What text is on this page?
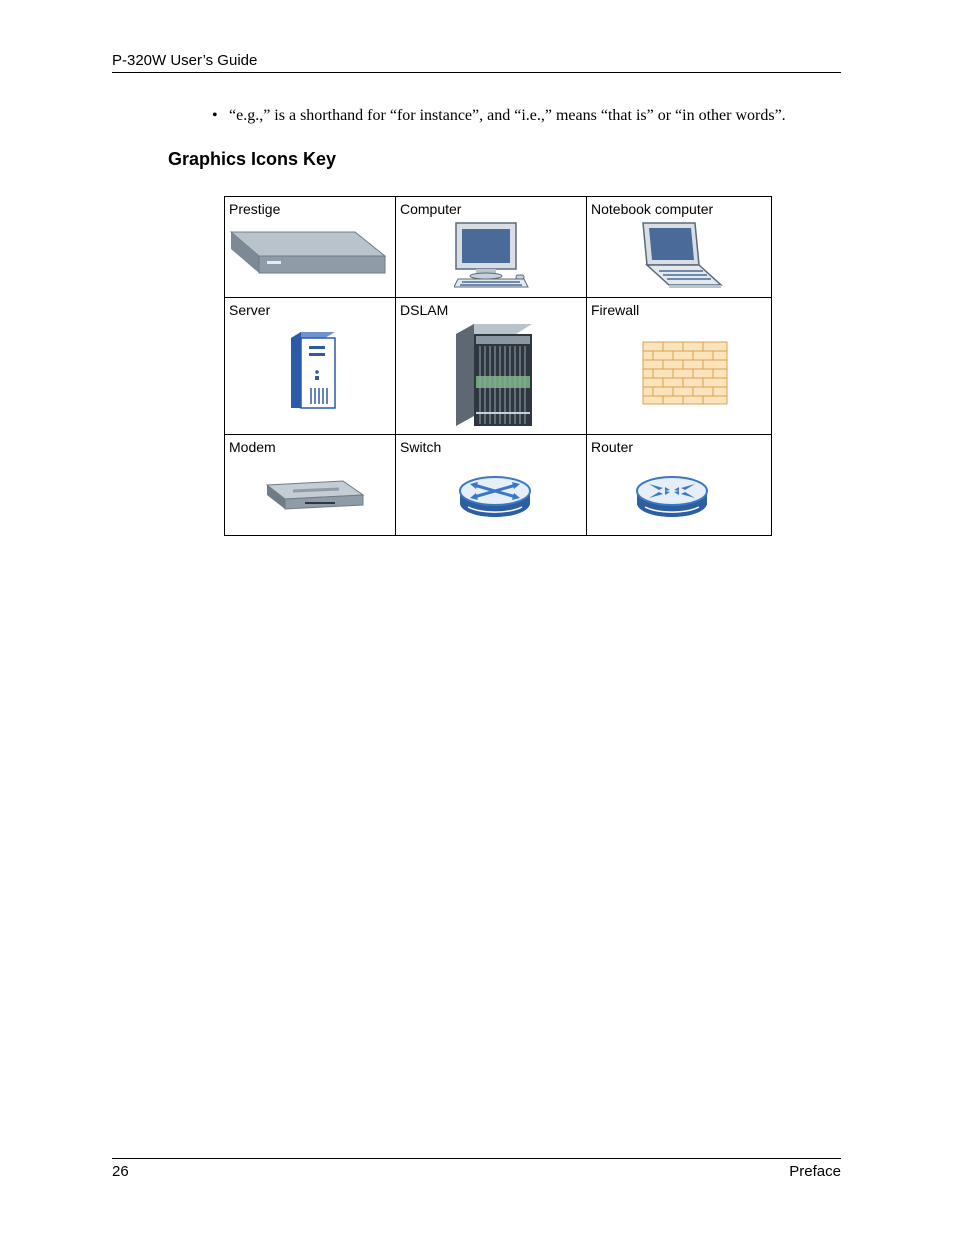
P-320W User’s Guide
• “e.g.,” is a shorthand for “for instance”, and “i.e.,” means “that is” or “in other words”.
Graphics Icons Key
Prestige	Computer	Notebook computer

Server	DSLAM	Firewall

Modem	Switch	Router
26	Preface
